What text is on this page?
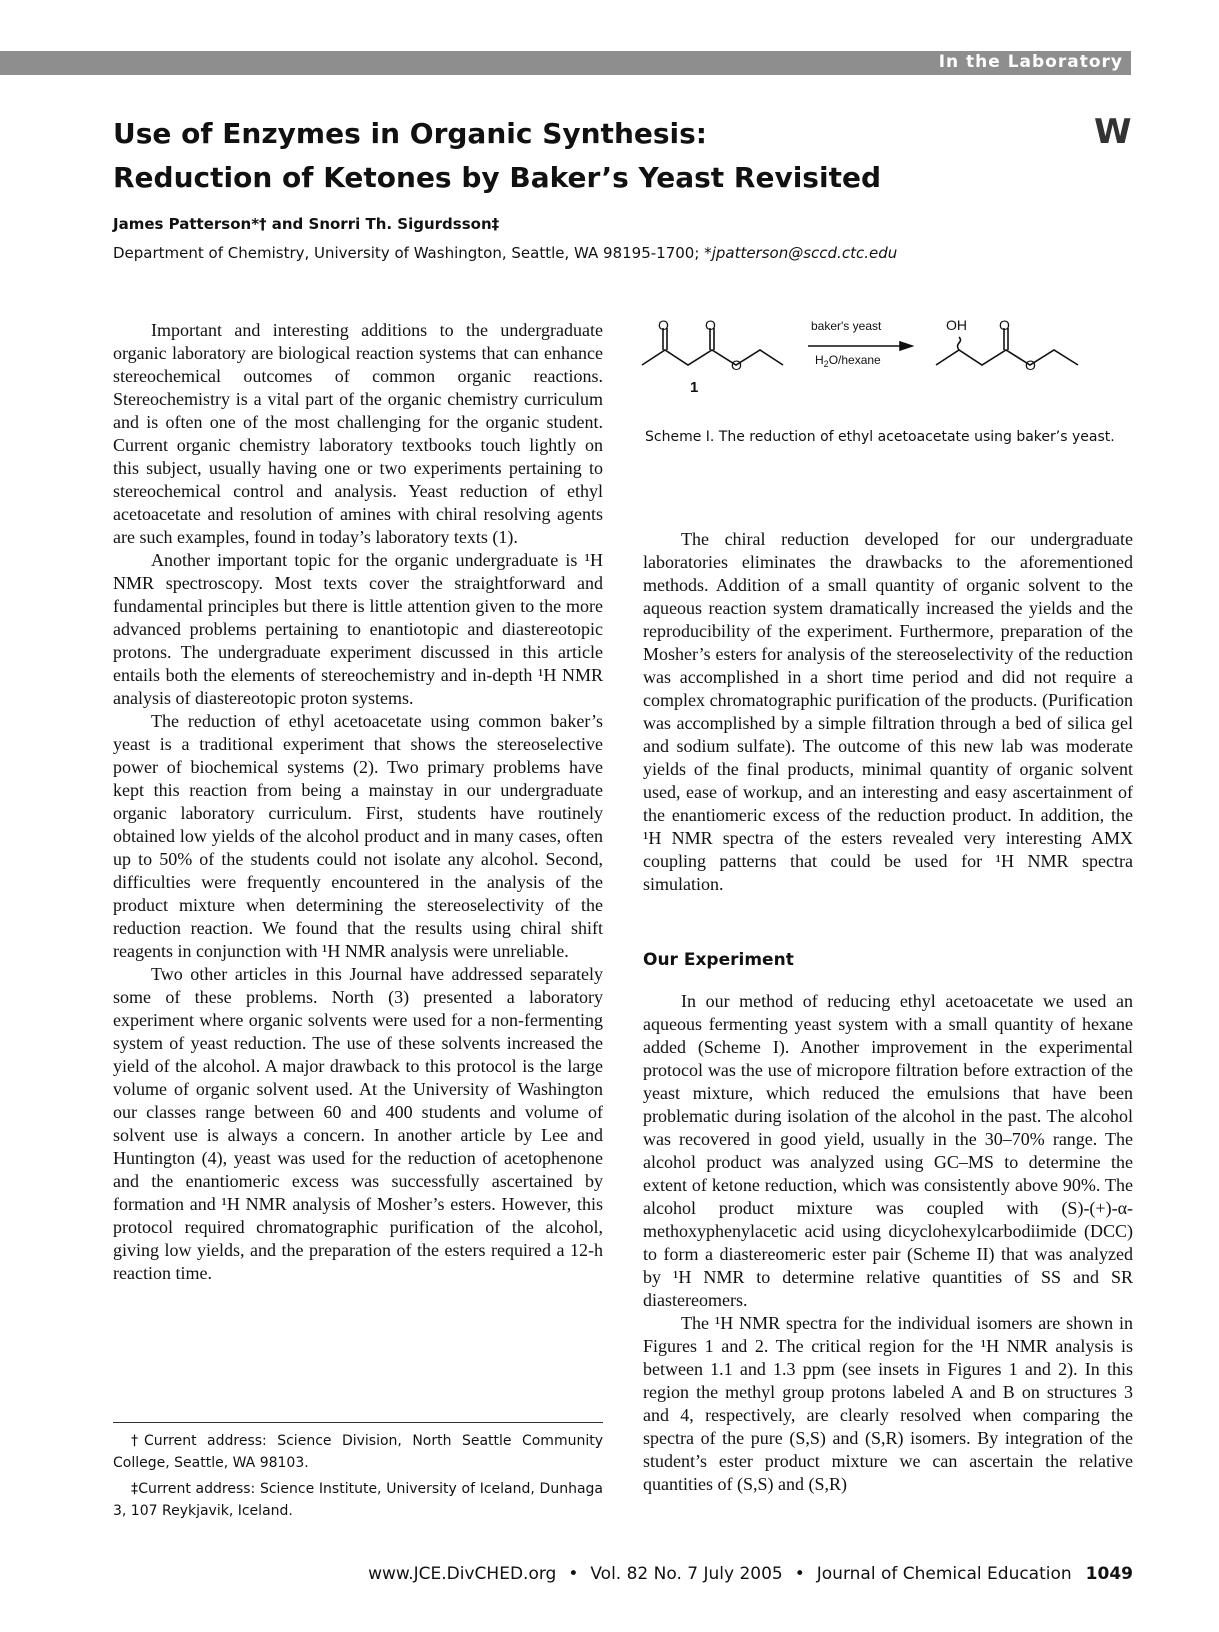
In the Laboratory
Use of Enzymes in Organic Synthesis:
Reduction of Ketones by Baker’s Yeast Revisited
W
James Patterson*† and Snorri Th. Sigurdsson‡
Department of Chemistry, University of Washington, Seattle, WA 98195-1700; *jpatterson@sccd.ctc.edu

Important and interesting additions to the undergraduate organic laboratory are biological reaction systems that can enhance stereochemical outcomes of common organic reactions. Stereochemistry is a vital part of the organic chemistry curriculum and is often one of the most challenging for the organic student. Current organic chemistry laboratory textbooks touch lightly on this subject, usually having one or two experiments pertaining to stereochemical control and analysis. Yeast reduction of ethyl acetoacetate and resolution of amines with chiral resolving agents are such examples, found in today’s laboratory texts (1).

Another important topic for the organic undergraduate is ¹H NMR spectroscopy. Most texts cover the straightforward and fundamental principles but there is little attention given to the more advanced problems pertaining to enantiotopic and diastereotopic protons. The undergraduate experiment discussed in this article entails both the elements of stereochemistry and in-depth ¹H NMR analysis of diastereotopic proton systems.

The reduction of ethyl acetoacetate using common baker’s yeast is a traditional experiment that shows the stereoselective power of biochemical systems (2). Two primary problems have kept this reaction from being a mainstay in our undergraduate organic laboratory curriculum. First, students have routinely obtained low yields of the alcohol product and in many cases, often up to 50% of the students could not isolate any alcohol. Second, difficulties were frequently encountered in the analysis of the product mixture when determining the stereoselectivity of the reduction reaction. We found that the results using chiral shift reagents in conjunction with ¹H NMR analysis were unreliable.

Two other articles in this Journal have addressed separately some of these problems. North (3) presented a laboratory experiment where organic solvents were used for a non-fermenting system of yeast reduction. The use of these solvents increased the yield of the alcohol. A major drawback to this protocol is the large volume of organic solvent used. At the University of Washington our classes range between 60 and 400 students and volume of solvent use is always a concern. In another article by Lee and Huntington (4), yeast was used for the reduction of acetophenone and the enantiomeric excess was successfully ascertained by formation and ¹H NMR analysis of Mosher’s esters. However, this protocol required chromatographic purification of the alcohol, giving low yields, and the preparation of the esters required a 12-h reaction time.

O	O
O
1
baker's yeast
$H_2O$/hexane
OH O
O
Scheme I. The reduction of ethyl acetoacetate using baker’s yeast.

The chiral reduction developed for our undergraduate laboratories eliminates the drawbacks to the aforementioned methods. Addition of a small quantity of organic solvent to the aqueous reaction system dramatically increased the yields and the reproducibility of the experiment. Furthermore, preparation of the Mosher’s esters for analysis of the stereoselectivity of the reduction was accomplished in a short time period and did not require a complex chromatographic purification of the products. (Purification was accomplished by a simple filtration through a bed of silica gel and sodium sulfate). The outcome of this new lab was moderate yields of the final products, minimal quantity of organic solvent used, ease of workup, and an interesting and easy ascertainment of the enantiomeric excess of the reduction product. In addition, the ¹H NMR spectra of the esters revealed very interesting AMX coupling patterns that could be used for ¹H NMR spectra simulation.

Our Experiment

In our method of reducing ethyl acetoacetate we used an aqueous fermenting yeast system with a small quantity of hexane added (Scheme I). Another improvement in the experimental protocol was the use of micropore filtration before extraction of the yeast mixture, which reduced the emulsions that have been problematic during isolation of the alcohol in the past. The alcohol was recovered in good yield, usually in the 30–70% range. The alcohol product was analyzed using GC–MS to determine the extent of ketone reduction, which was consistently above 90%. The alcohol product mixture was coupled with (S)-(+)-α-methoxyphenylacetic acid using dicyclohexylcarbodiimide (DCC) to form a diastereomeric ester pair (Scheme II) that was analyzed by ¹H NMR to determine relative quantities of SS and SR diastereomers.

The ¹H NMR spectra for the individual isomers are shown in Figures 1 and 2. The critical region for the ¹H NMR analysis is between 1.1 and 1.3 ppm (see insets in Figures 1 and 2). In this region the methyl group protons labeled A and B on structures 3 and 4, respectively, are clearly resolved when comparing the spectra of the pure (S,S) and (S,R) isomers. By integration of the student’s ester product mixture we can ascertain the relative quantities of (S,S) and (S,R)

†Current address: Science Division, North Seattle Community College, Seattle, WA 98103.

‡Current address: Science Institute, University of Iceland, Dunhaga 3, 107 Reykjavik, Iceland.

www.JCE.DivCHED.org • Vol. 82 No. 7 July 2005 • Journal of Chemical Education 1049
